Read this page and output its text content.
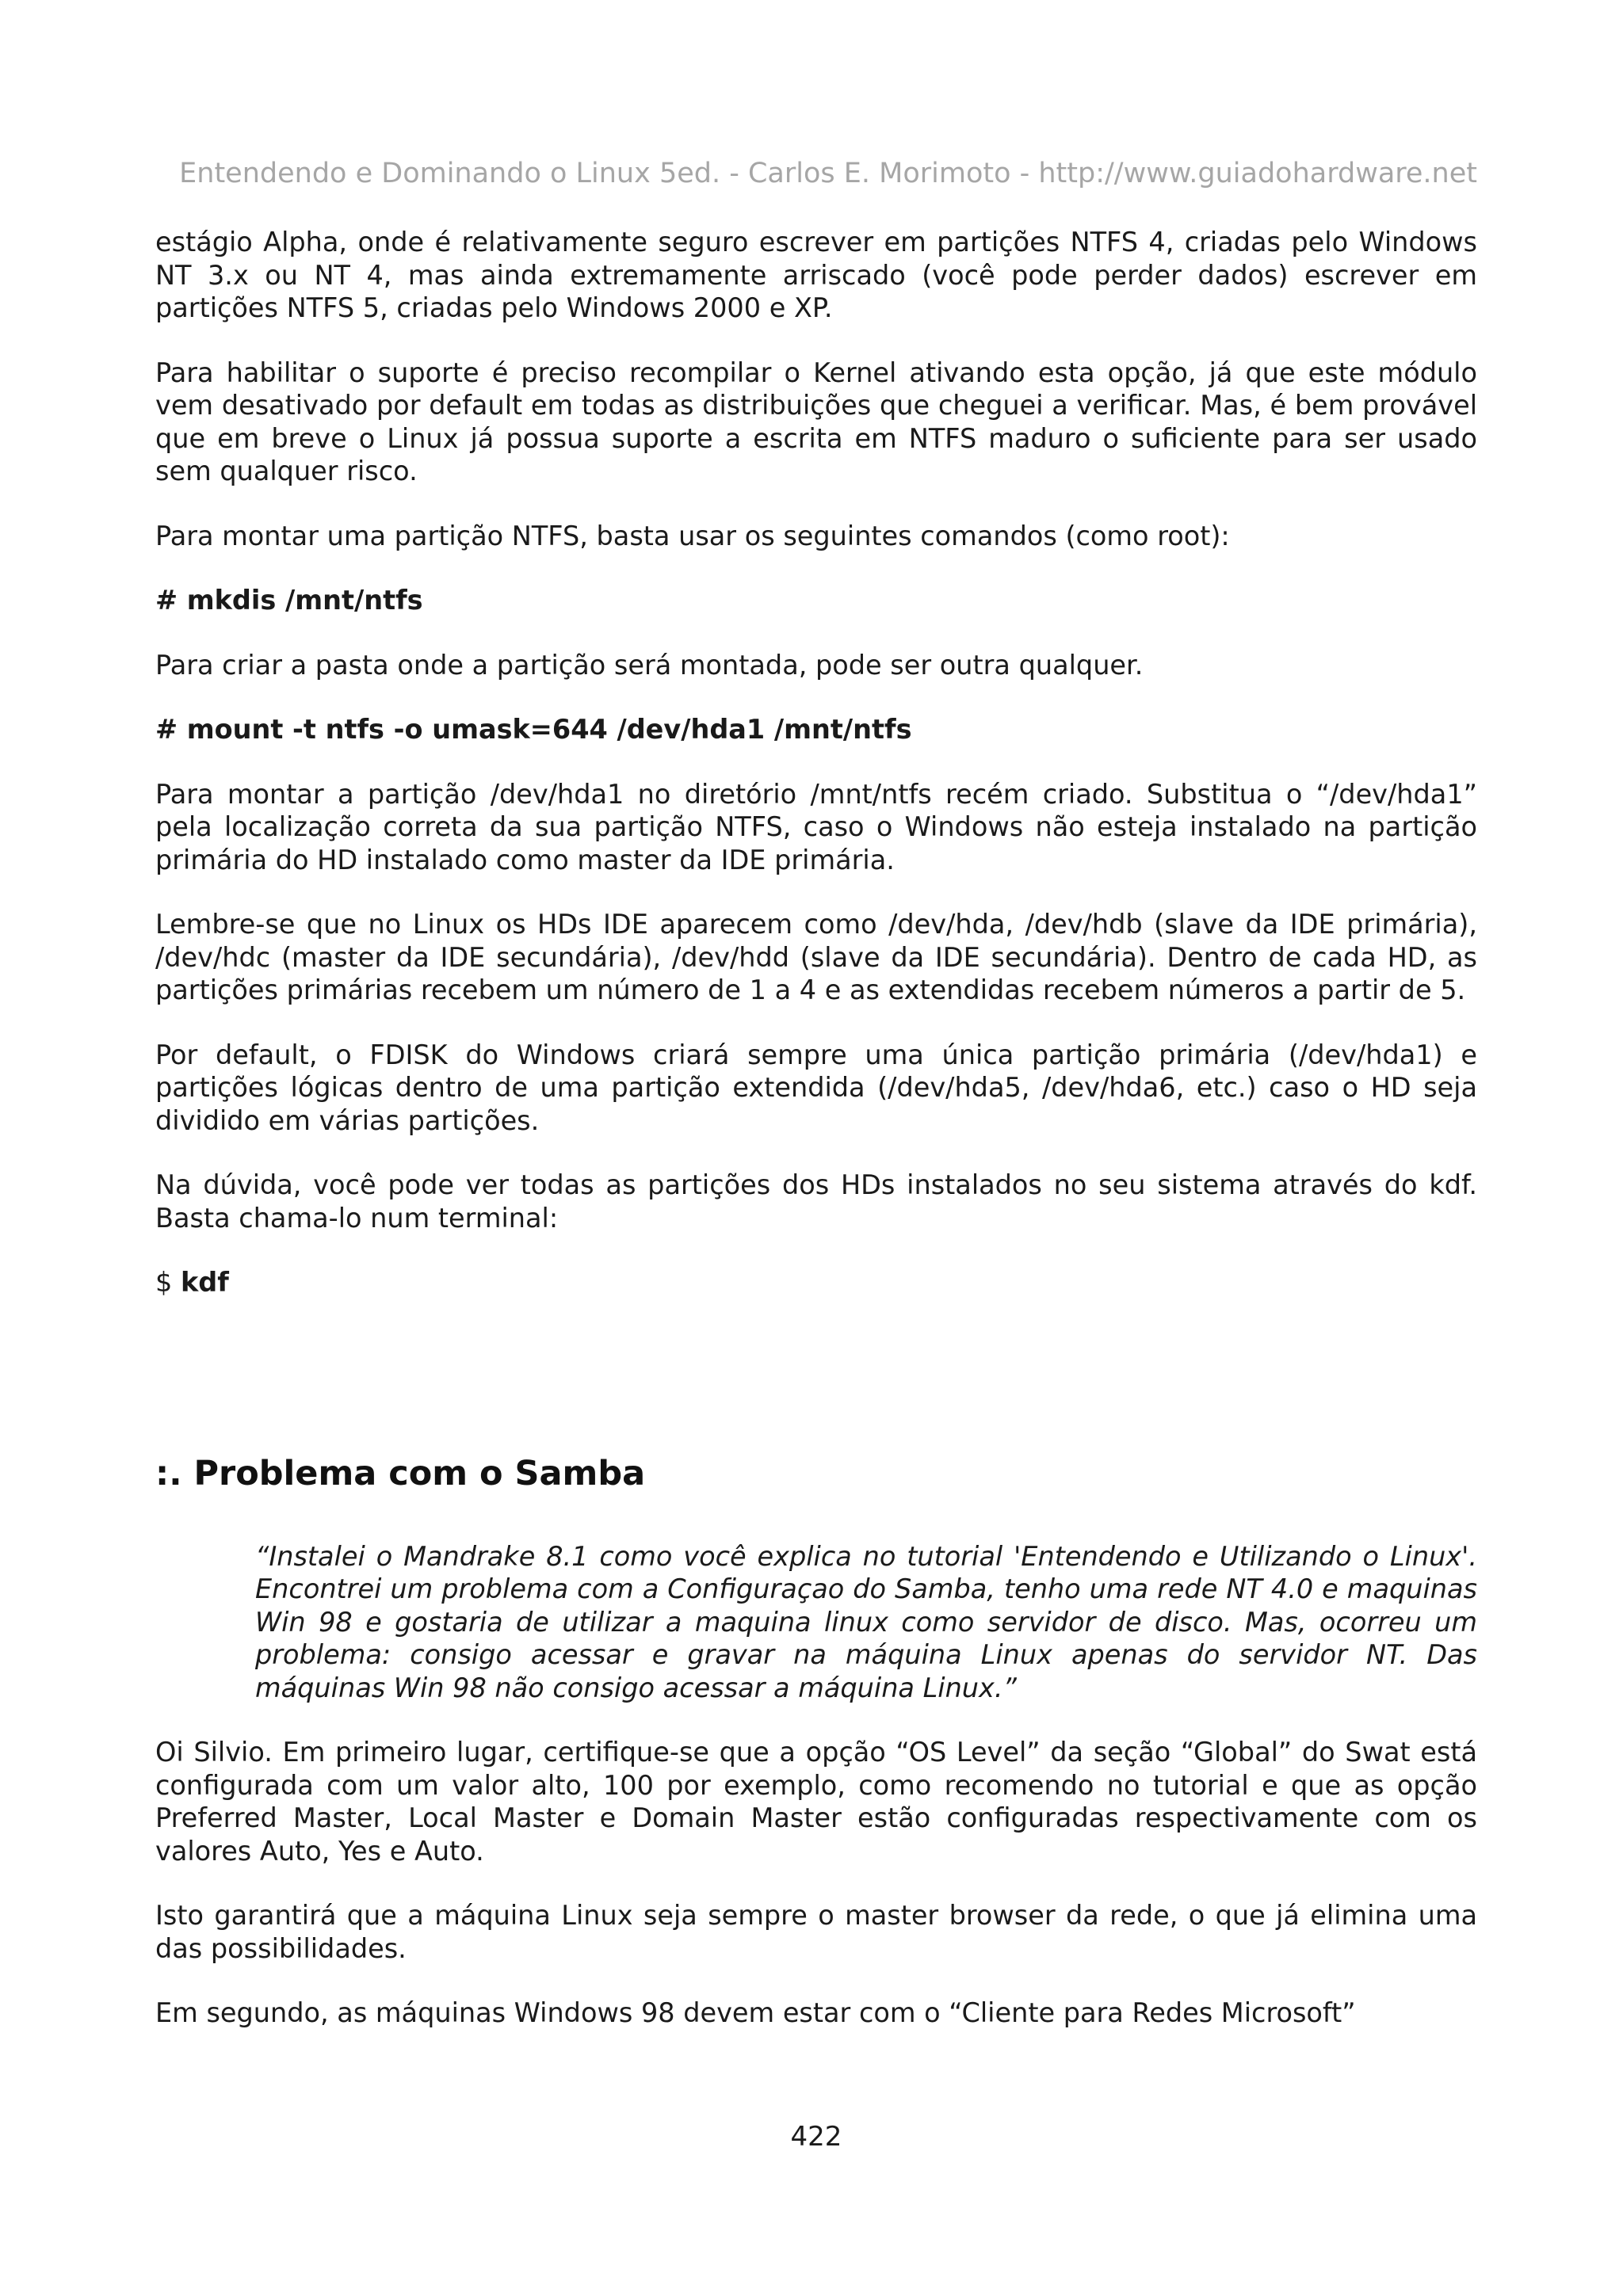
Entendendo e Dominando o Linux 5ed. - Carlos E. Morimoto - http://www.guiadohardware.net

estágio Alpha, onde é relativamente seguro escrever em partições NTFS 4, criadas pelo Windows NT 3.x ou NT 4, mas ainda extremamente arriscado (você pode perder dados) escrever em partições NTFS 5, criadas pelo Windows 2000 e XP.

Para habilitar o suporte é preciso recompilar o Kernel ativando esta opção, já que este módulo vem desativado por default em todas as distribuições que cheguei a verificar. Mas, é bem provável que em breve o Linux já possua suporte a escrita em NTFS maduro o suficiente para ser usado sem qualquer risco.

Para montar uma partição NTFS, basta usar os seguintes comandos (como root):

# mkdis /mnt/ntfs

Para criar a pasta onde a partição será montada, pode ser outra qualquer.

# mount -t ntfs -o umask=644 /dev/hda1 /mnt/ntfs

Para montar a partição /dev/hda1 no diretório /mnt/ntfs recém criado. Substitua o “/dev/hda1” pela localização correta da sua partição NTFS, caso o Windows não esteja instalado na partição primária do HD instalado como master da IDE primária.

Lembre-se que no Linux os HDs IDE aparecem como /dev/hda, /dev/hdb (slave da IDE primária), /dev/hdc (master da IDE secundária), /dev/hdd (slave da IDE secundária). Dentro de cada HD, as partições primárias recebem um número de 1 a 4 e as extendidas recebem números a partir de 5.

Por default, o FDISK do Windows criará sempre uma única partição primária (/dev/hda1) e partições lógicas dentro de uma partição extendida (/dev/hda5, /dev/hda6, etc.) caso o HD seja dividido em várias partições.

Na dúvida, você pode ver todas as partições dos HDs instalados no seu sistema através do kdf. Basta chama-lo num terminal:

$ kdf

:. Problema com o Samba
“Instalei o Mandrake 8.1 como você explica no tutorial 'Entendendo e Utilizando o Linux'. Encontrei um problema com a Configuraçao do Samba, tenho uma rede NT 4.0 e maquinas Win 98 e gostaria de utilizar a maquina linux como servidor de disco. Mas, ocorreu um problema: consigo acessar e gravar na máquina Linux apenas do servidor NT. Das máquinas Win 98 não consigo acessar a máquina Linux.”

Oi Silvio. Em primeiro lugar, certifique-se que a opção “OS Level” da seção “Global” do Swat está configurada com um valor alto, 100 por exemplo, como recomendo no tutorial e que as opção Preferred Master, Local Master e Domain Master estão configuradas respectivamente com os valores Auto, Yes e Auto.

Isto garantirá que a máquina Linux seja sempre o master browser da rede, o que já elimina uma das possibilidades.

Em segundo, as máquinas Windows 98 devem estar com o “Cliente para Redes Microsoft”

422
